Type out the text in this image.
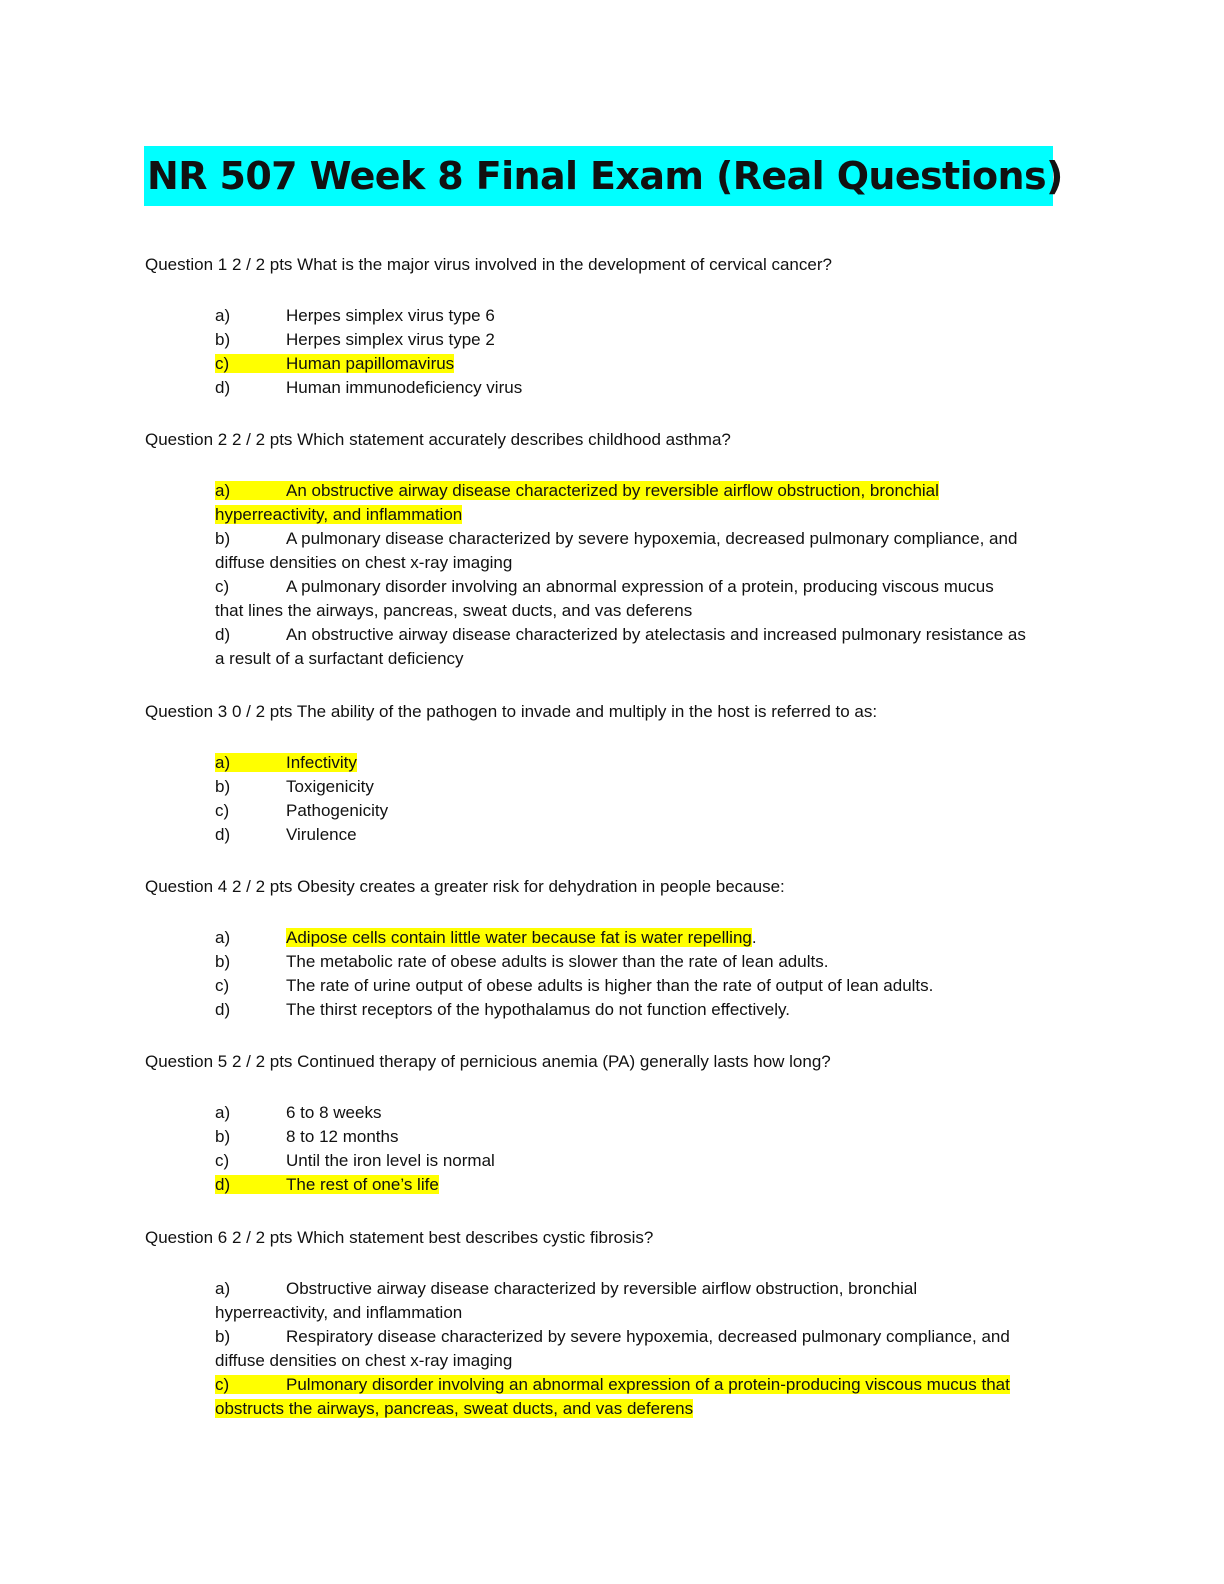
NR 507 Week 8 Final Exam (Real Questions)
Question 1 2 / 2 pts What is the major virus involved in the development of cervical cancer?
a)	Herpes simplex virus type 6
b)	Herpes simplex virus type 2
c)	Human papillomavirus
d)	Human immunodeficiency virus
Question 2 2 / 2 pts Which statement accurately describes childhood asthma?
a)	An obstructive airway disease characterized by reversible airflow obstruction, bronchial
hyperreactivity, and inflammation
b)	A pulmonary disease characterized by severe hypoxemia, decreased pulmonary compliance, and
diffuse densities on chest x-ray imaging
c)	A pulmonary disorder involving an abnormal expression of a protein, producing viscous mucus
that lines the airways, pancreas, sweat ducts, and vas deferens
d)	An obstructive airway disease characterized by atelectasis and increased pulmonary resistance as
a result of a surfactant deficiency
Question 3 0 / 2 pts The ability of the pathogen to invade and multiply in the host is referred to as:
a)	Infectivity
b)	Toxigenicity
c)	Pathogenicity
d)	Virulence
Question 4 2 / 2 pts Obesity creates a greater risk for dehydration in people because:
a)	Adipose cells contain little water because fat is water repelling.
b)	The metabolic rate of obese adults is slower than the rate of lean adults.
c)	The rate of urine output of obese adults is higher than the rate of output of lean adults.
d)	The thirst receptors of the hypothalamus do not function effectively.
Question 5 2 / 2 pts Continued therapy of pernicious anemia (PA) generally lasts how long?
a)	6 to 8 weeks
b)	8 to 12 months
c)	Until the iron level is normal
d)	The rest of one’s life
Question 6 2 / 2 pts Which statement best describes cystic fibrosis?
a)	Obstructive airway disease characterized by reversible airflow obstruction, bronchial
hyperreactivity, and inflammation
b)	Respiratory disease characterized by severe hypoxemia, decreased pulmonary compliance, and
diffuse densities on chest x-ray imaging
c)	Pulmonary disorder involving an abnormal expression of a protein-producing viscous mucus that
obstructs the airways, pancreas, sweat ducts, and vas deferens
